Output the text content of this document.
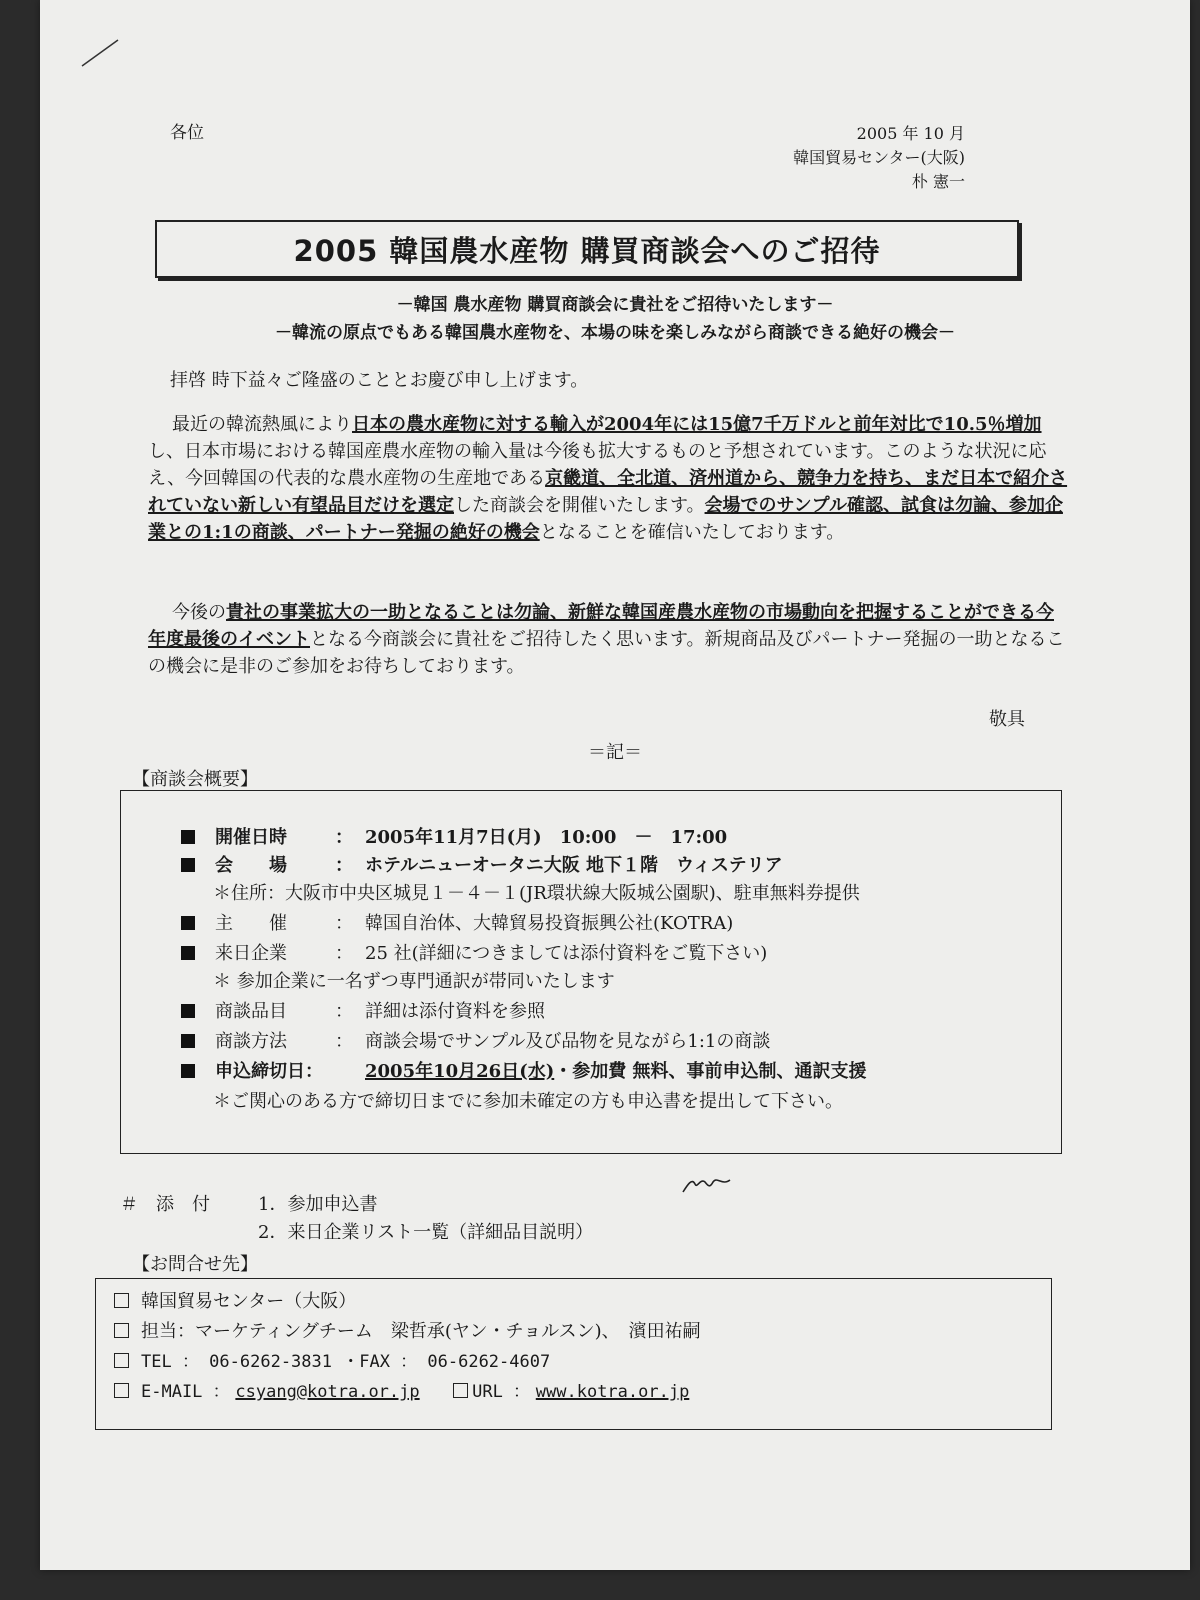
各位	2005 年 10 月
韓国貿易センター(大阪)
朴 憲一
2005 韓国農水産物 購買商談会へのご招待
－韓国 農水産物 購買商談会に貴社をご招待いたします－
－韓流の原点でもある韓国農水産物を、本場の味を楽しみながら商談できる絶好の機会－
拝啓 時下益々ご隆盛のこととお慶び申し上げます。
最近の韓流熱風により日本の農水産物に対する輸入が2004年には15億7千万ドルと前年対比で10.5％増加し、日本市場における韓国産農水産物の輸入量は今後も拡大するものと予想されています。このような状況に応え、今回韓国の代表的な農水産物の生産地である京畿道、全北道、済州道から、競争力を持ち、まだ日本で紹介されていない新しい有望品目だけを選定した商談会を開催いたします。会場でのサンプル確認、試食は勿論、参加企業との1:1の商談、パートナー発掘の絶好の機会となることを確信いたしております。
今後の貴社の事業拡大の一助となることは勿論、新鮮な韓国産農水産物の市場動向を把握することができる今年度最後のイベントとなる今商談会に貴社をご招待したく思います。新規商品及びパートナー発掘の一助となるこの機会に是非のご参加をお待ちしております。
敬具
＝記＝
【商談会概要】
開催日時	： 2005年11月7日(月)　10:00　－　17:00
会　　場	： ホテルニューオータニ大阪 地下１階　ウィステリア
＊住所：大阪市中央区城見１－４－１(JR環状線大阪城公園駅)、駐車無料券提供
主　　催	： 韓国自治体、大韓貿易投資振興公社(KOTRA)
来日企業	： 25 社(詳細につきましては添付資料をご覧下さい)
＊ 参加企業に一名ずつ専門通訳が帯同いたします
商談品目	： 詳細は添付資料を参照
商談方法	： 商談会場でサンプル及び品物を見ながら1:1の商談
申込締切日： 2005年10月26日(水)・参加費 無料、事前申込制、通訳支援
＊ご関心のある方で締切日までに参加未確定の方も申込書を提出して下さい。
＃　添　付	1．参加申込書
2．来日企業リスト一覧（詳細品目説明）
【お問合せ先】
韓国貿易センター（大阪）
担当：マーケティングチーム　梁哲承(ヤン・チョルスン)、　濱田祐嗣
TEL ： 06-6262-3831 ・FAX ： 06-6262-4607
E-MAIL ： csyang@kotra.or.jp	URL ： www.kotra.or.jp
